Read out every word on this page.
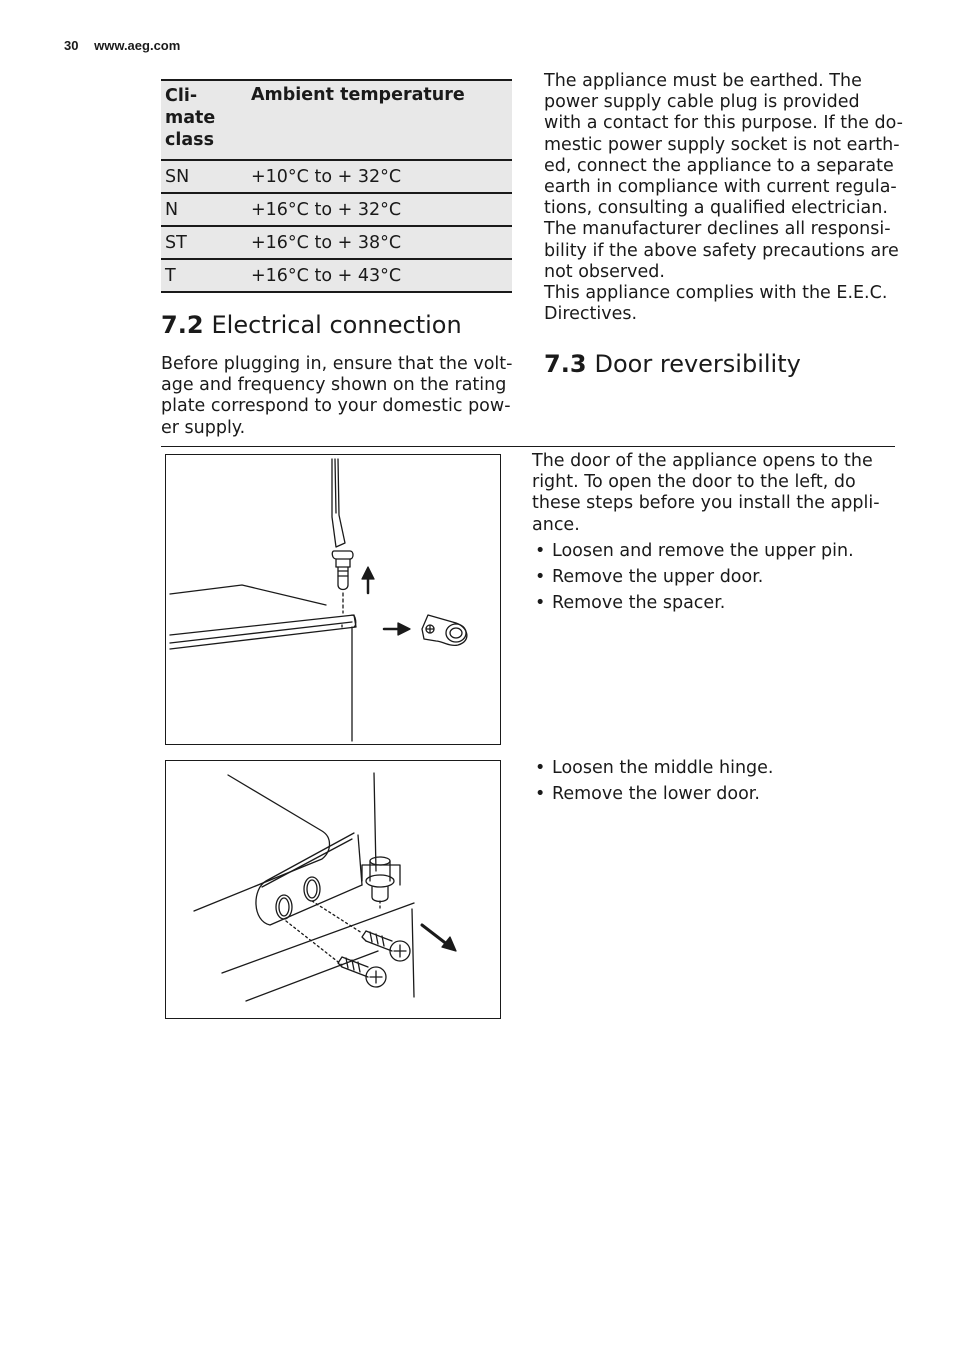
30 www.aeg.com
Cli-
mate
class	Ambient temperature
SN	+10°C to + 32°C
N	+16°C to + 32°C
ST	+16°C to + 38°C
T	+16°C to + 43°C
7.2 Electrical connection

Before plugging in, ensure that the volt-
age and frequency shown on the rating
plate correspond to your domestic pow-
er supply.

The appliance must be earthed. The
power supply cable plug is provided
with a contact for this purpose. If the do-
mestic power supply socket is not earth-
ed, connect the appliance to a separate
earth in compliance with current regula-
tions, consulting a qualified electrician.
The manufacturer declines all responsi-
bility if the above safety precautions are
not observed.
This appliance complies with the E.E.C.
Directives.

7.3 Door reversibility

The door of the appliance opens to the
right. To open the door to the left, do
these steps before you install the appli-
ance.

• Loosen and remove the upper pin.
• Remove the upper door.
• Remove the spacer.
• Loosen the middle hinge.
• Remove the lower door.
